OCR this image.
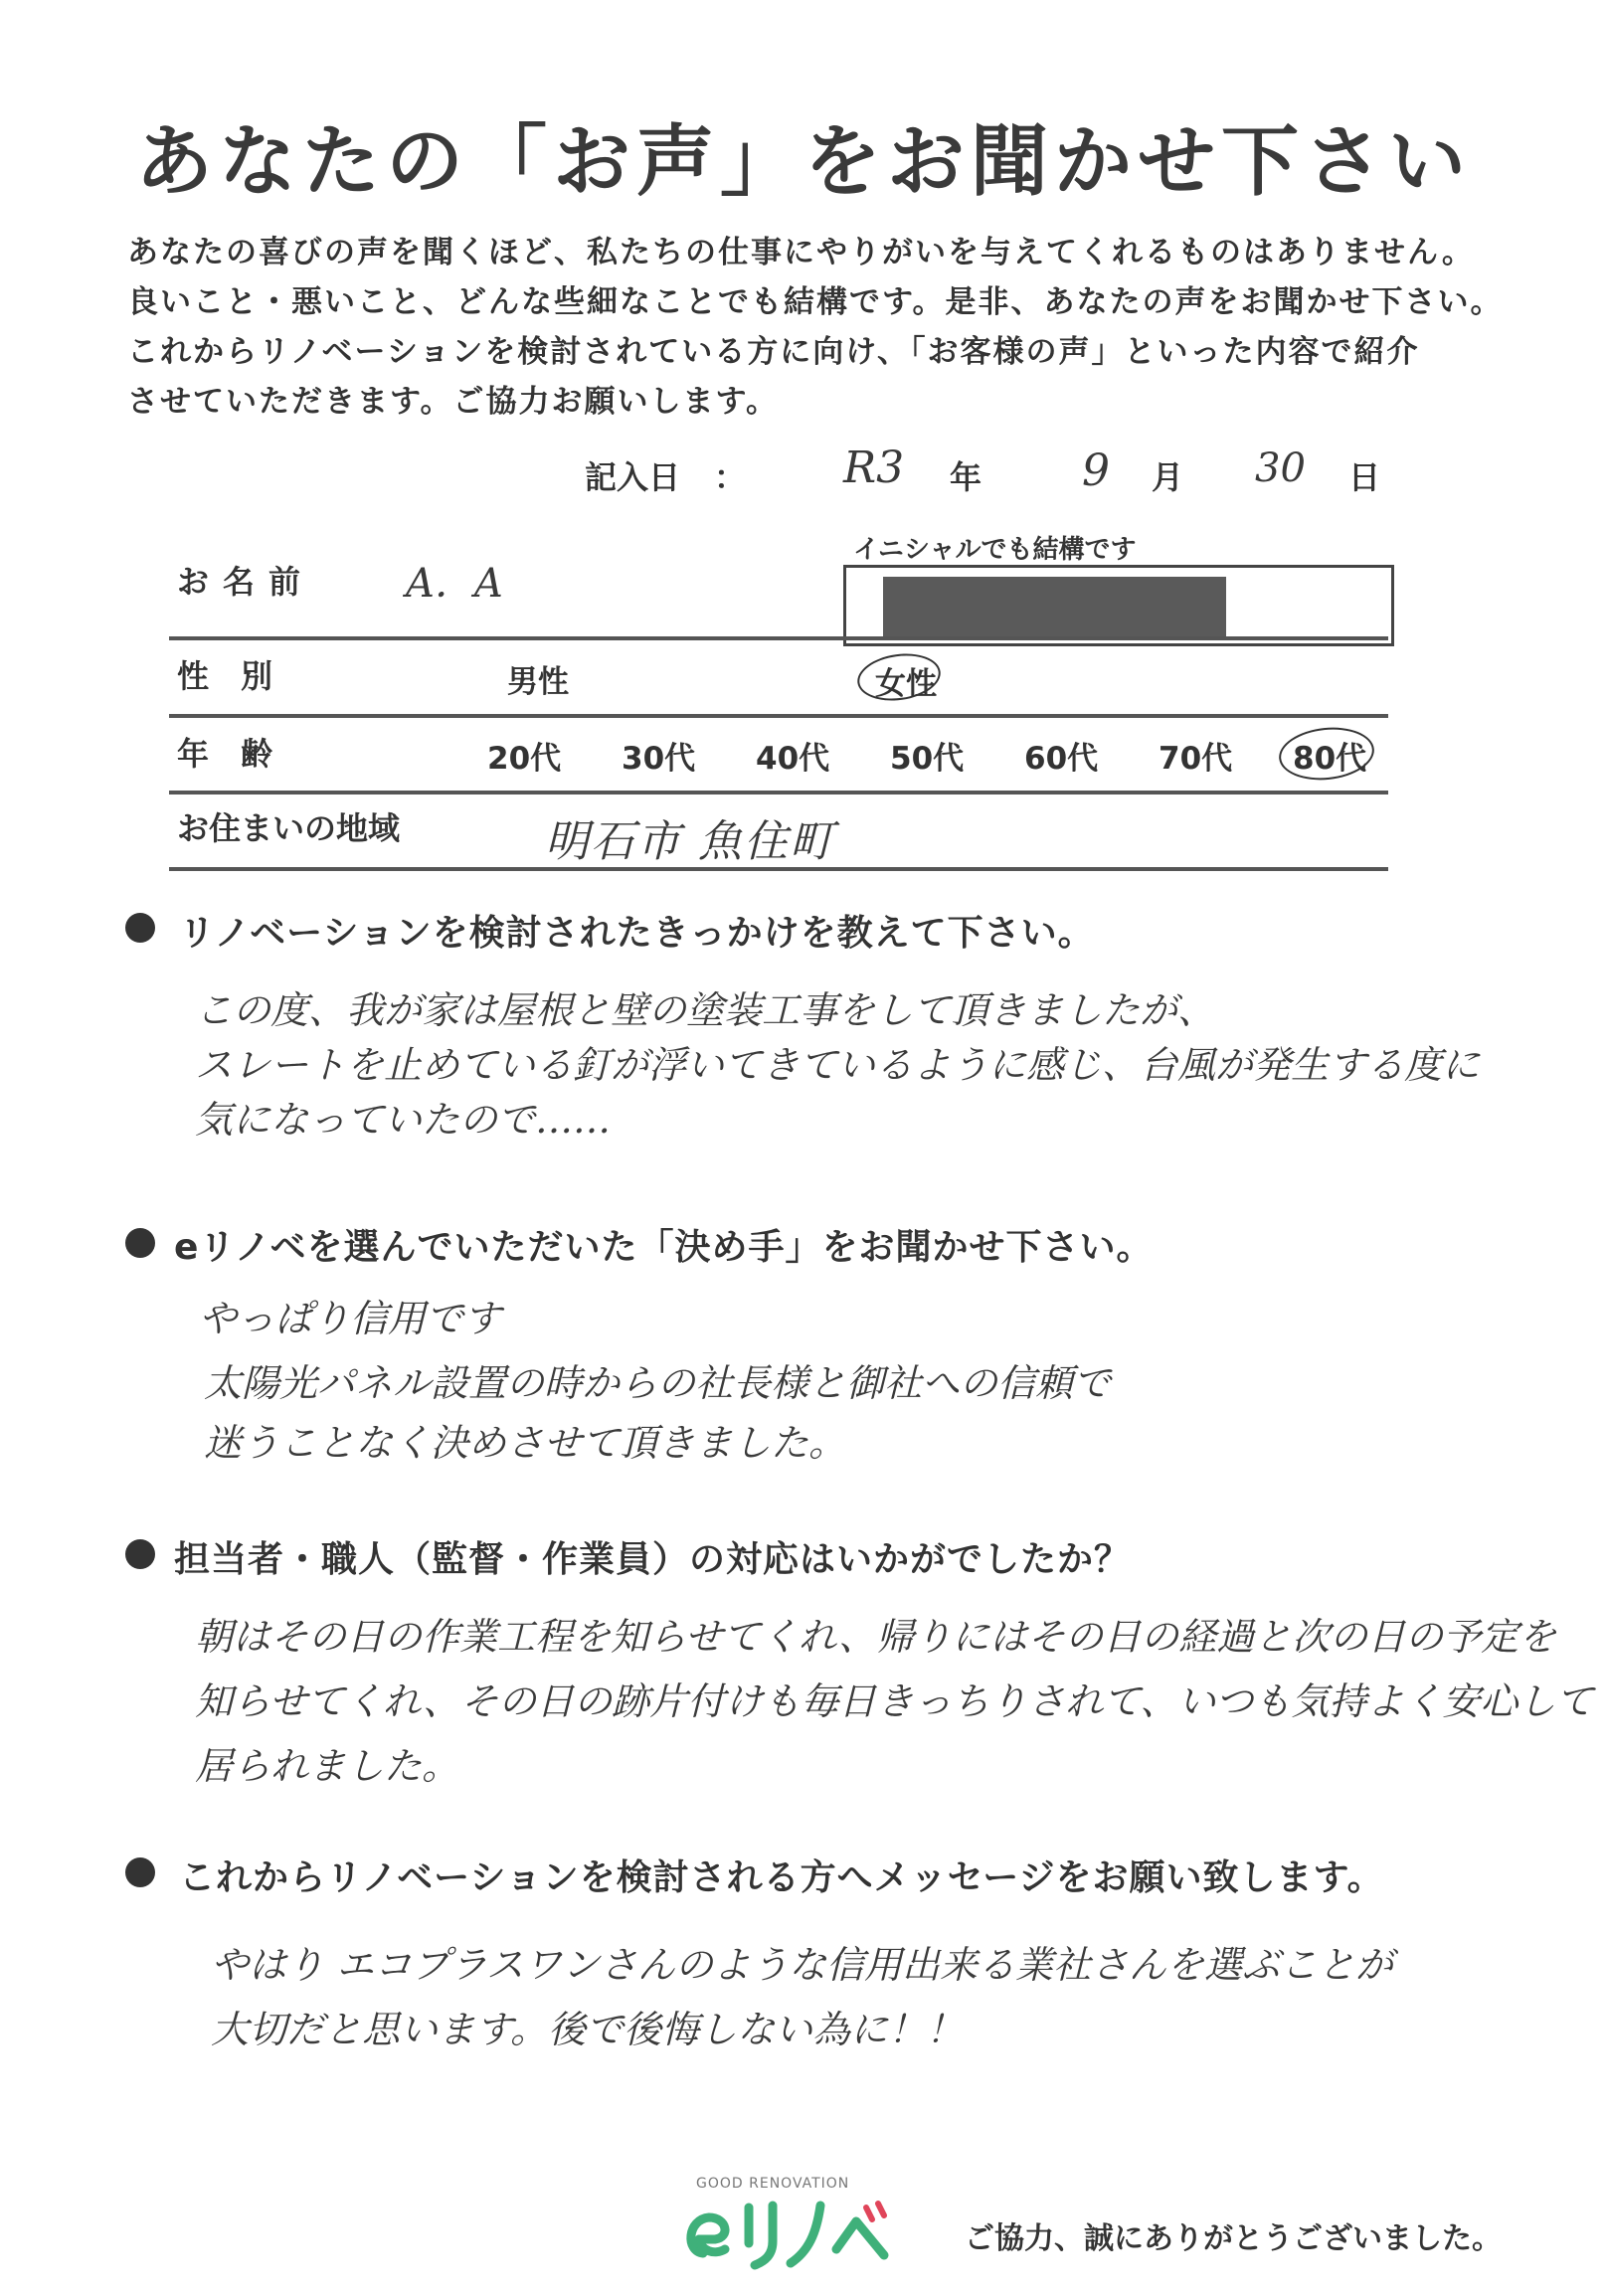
あなたの「お声」をお聞かせ下さい
あなたの喜びの声を聞くほど、私たちの仕事にやりがいを与えてくれるものはありません。
良いこと・悪いこと、どんな些細なことでも結構です。是非、あなたの声をお聞かせ下さい。
これからリノベーションを検討されている方に向け、「お客様の声」といった内容で紹介
させていただきます。ご協力お願いします。
記入日 ： R3 年 9 月 30 日
お名前 A．A
イニシャルでも結構です
性　別	男性	女性
年　齢	20代 30代 40代 50代 60代 70代 80代
お住まいの地域	明石市 魚住町
リノベーションを検討されたきっかけを教えて下さい。
この度、我が家は屋根と壁の塗装工事をして頂きましたが、
スレートを止めている釘が浮いてきているように感じ、台風が発生する度に
気になっていたので……
eリノベを選んでいただいた「決め手」をお聞かせ下さい。
やっぱり信用です
太陽光パネル設置の時からの社長様と御社への信頼で
迷うことなく決めさせて頂きました。
担当者・職人（監督・作業員）の対応はいかがでしたか？
朝はその日の作業工程を知らせてくれ、帰りにはその日の経過と次の日の予定を
知らせてくれ、その日の跡片付けも毎日きっちりされて、いつも気持よく安心して
居られました。
これからリノベーションを検討される方へメッセージをお願い致します。
やはり エコプラスワンさんのような信用出来る業社さんを選ぶことが
大切だと思います。後で後悔しない為に！！
GOOD RENOVATION
ご協力、誠にありがとうございました。
